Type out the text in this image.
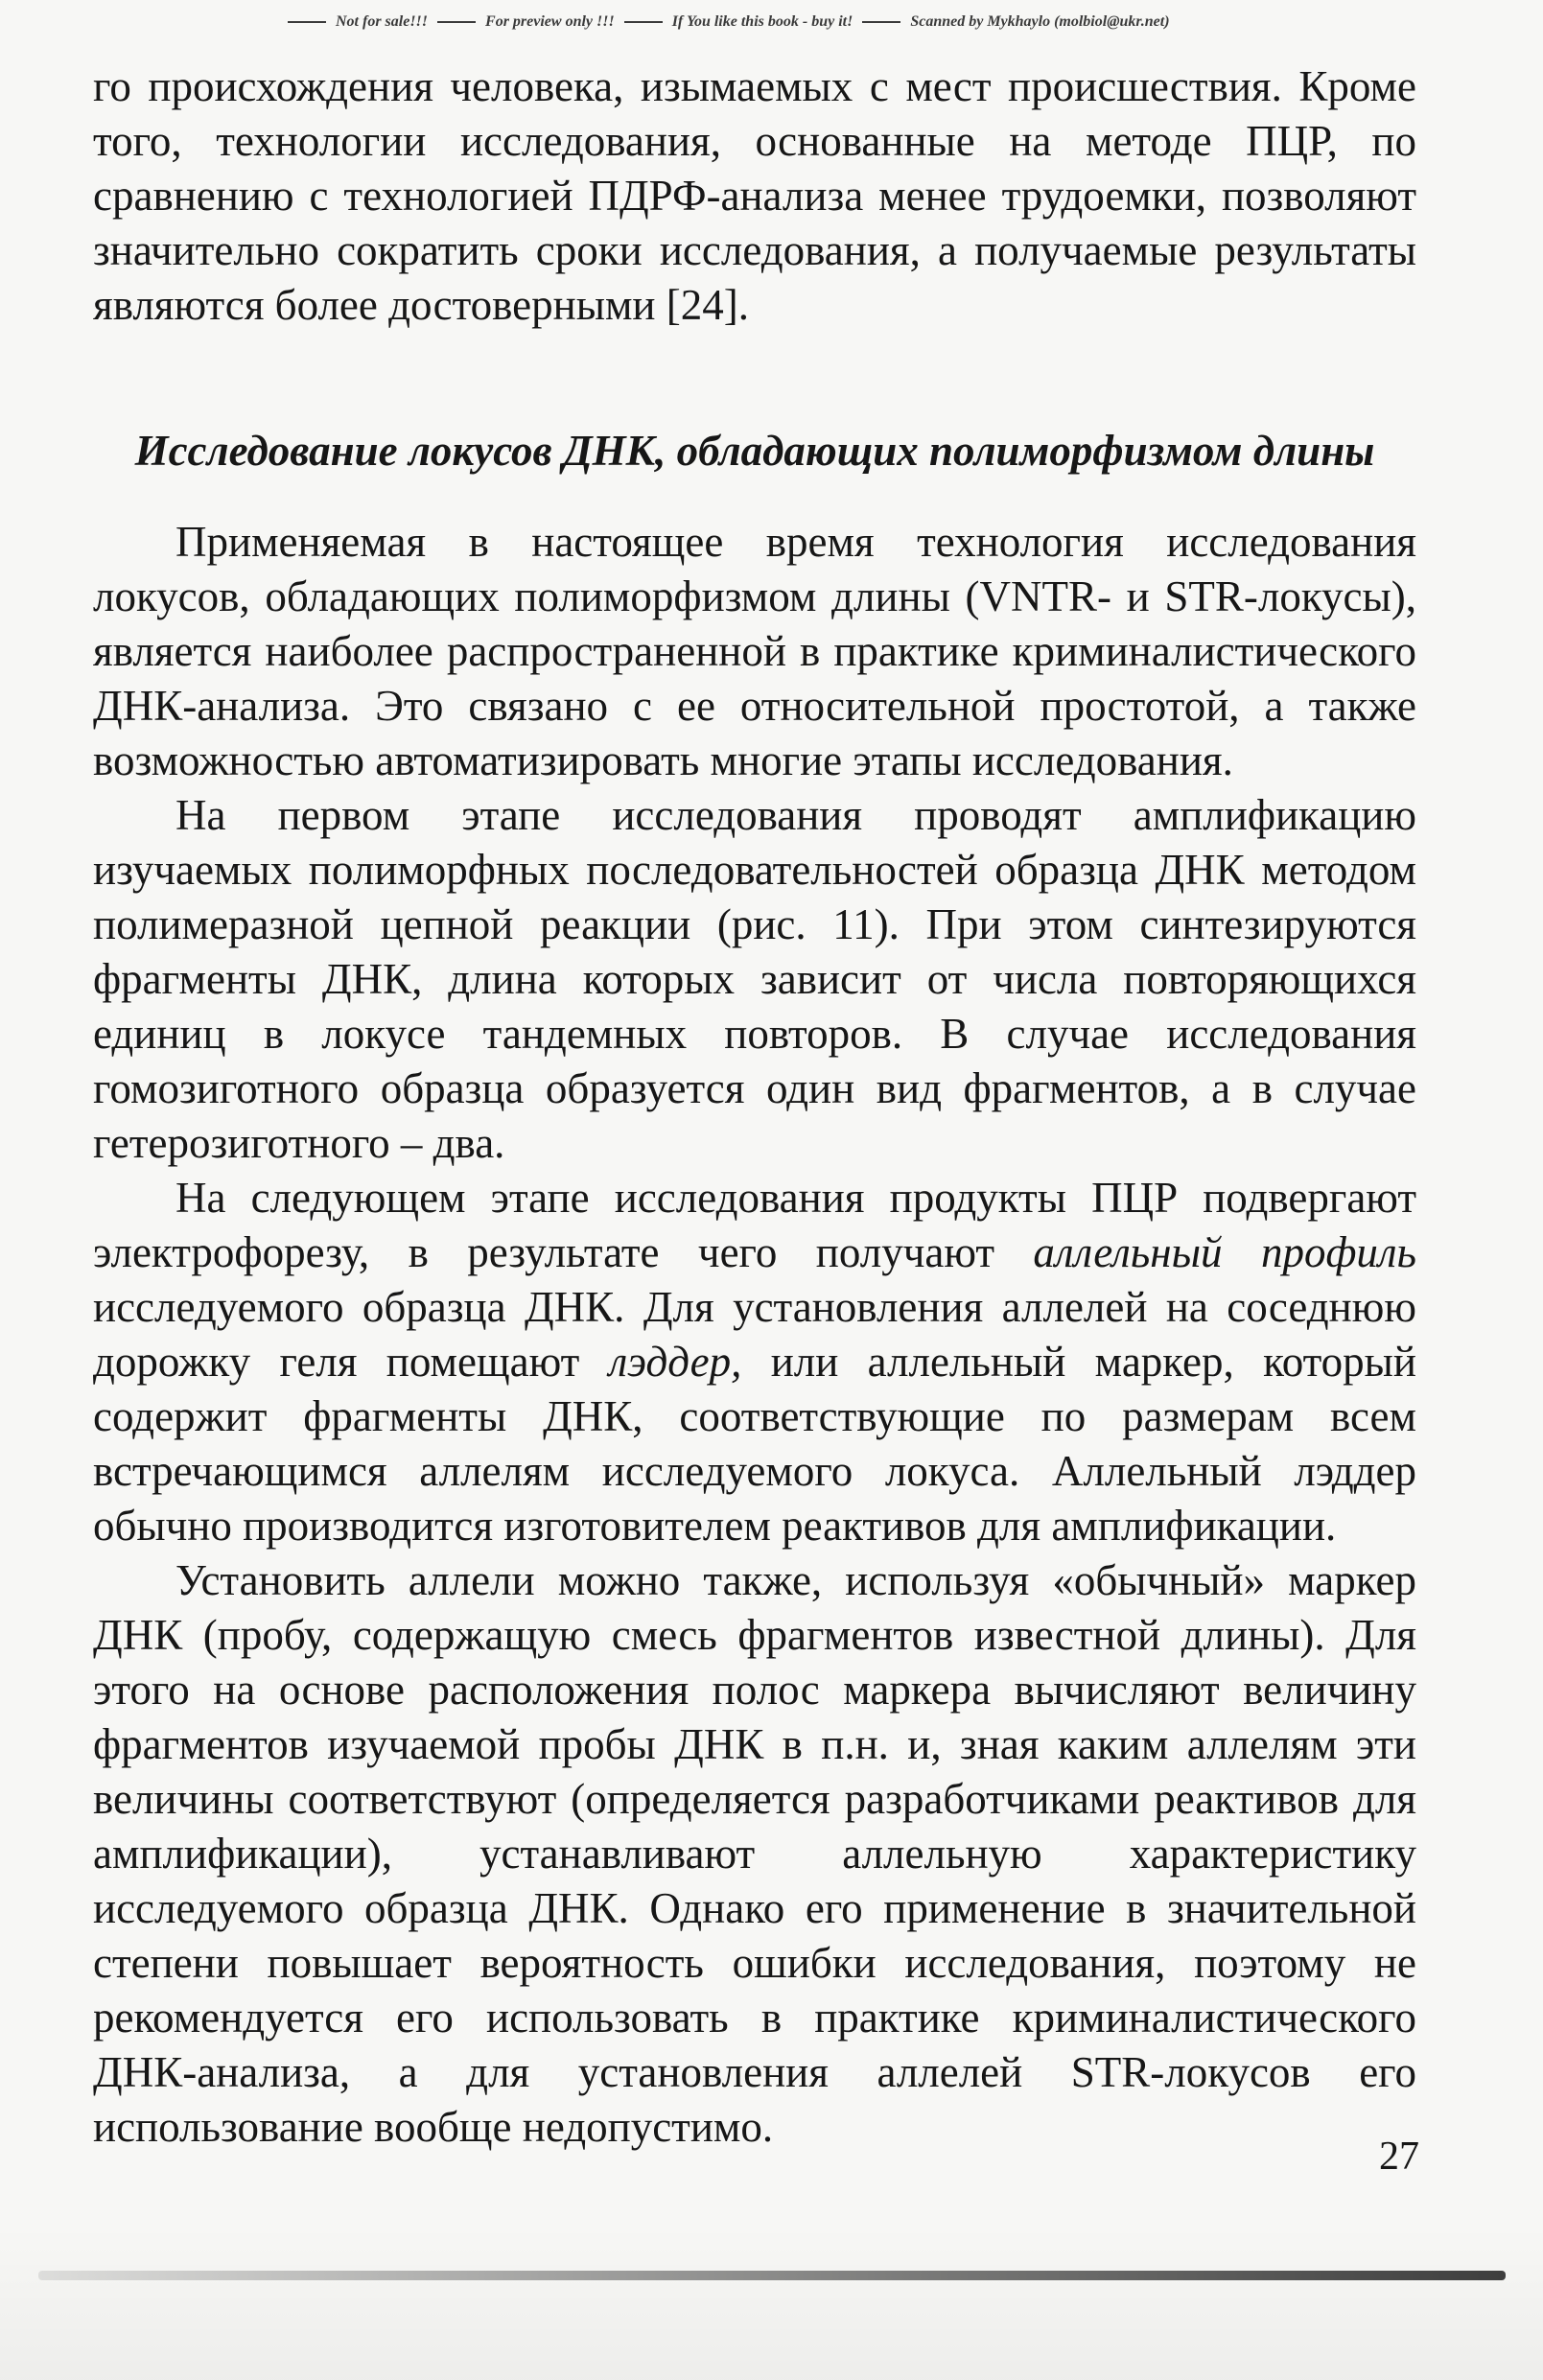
Not for sale!!!	For preview only !!!	If You like this book - buy it!	Scanned by Mykhaylo (molbiol@ukr.net)

го происхождения человека, изымаемых с мест происшествия. Кроме того, технологии исследования, основанные на методе ПЦР, по сравнению с технологией ПДРФ-анализа менее трудоемки, позволяют значительно сократить сроки исследования, а получаемые результаты являются более достоверными [24].

Исследование локусов ДНК, обладающих полиморфизмом длины

Применяемая в настоящее время технология исследования локусов, обладающих полиморфизмом длины (VNTR- и STR-локусы), является наиболее распространенной в практике криминалистического ДНК-анализа. Это связано с ее относительной простотой, а также возможностью автоматизировать многие этапы исследования.

На первом этапе исследования проводят амплификацию изучаемых полиморфных последовательностей образца ДНК методом полимеразной цепной реакции (рис. 11). При этом синтезируются фрагменты ДНК, длина которых зависит от числа повторяющихся единиц в локусе тандемных повторов. В случае исследования гомозиготного образца образуется один вид фрагментов, а в случае гетерозиготного – два.

На следующем этапе исследования продукты ПЦР подвергают электрофорезу, в результате чего получают аллельный профиль исследуемого образца ДНК. Для установления аллелей на соседнюю дорожку геля помещают лэддер, или аллельный маркер, который содержит фрагменты ДНК, соответствующие по размерам всем встречающимся аллелям исследуемого локуса. Аллельный лэддер обычно производится изготовителем реактивов для амплификации.

Установить аллели можно также, используя «обычный» маркер ДНК (пробу, содержащую смесь фрагментов известной длины). Для этого на основе расположения полос маркера вычисляют величину фрагментов изучаемой пробы ДНК в п.н. и, зная каким аллелям эти величины соответствуют (определяется разработчиками реактивов для амплификации), устанавливают аллельную характеристику исследуемого образца ДНК. Однако его применение в значительной степени повышает вероятность ошибки исследования, поэтому не рекомендуется его использовать в практике криминалистического ДНК-анализа, а для установления аллелей STR-локусов его использование вообще недопустимо.

27
